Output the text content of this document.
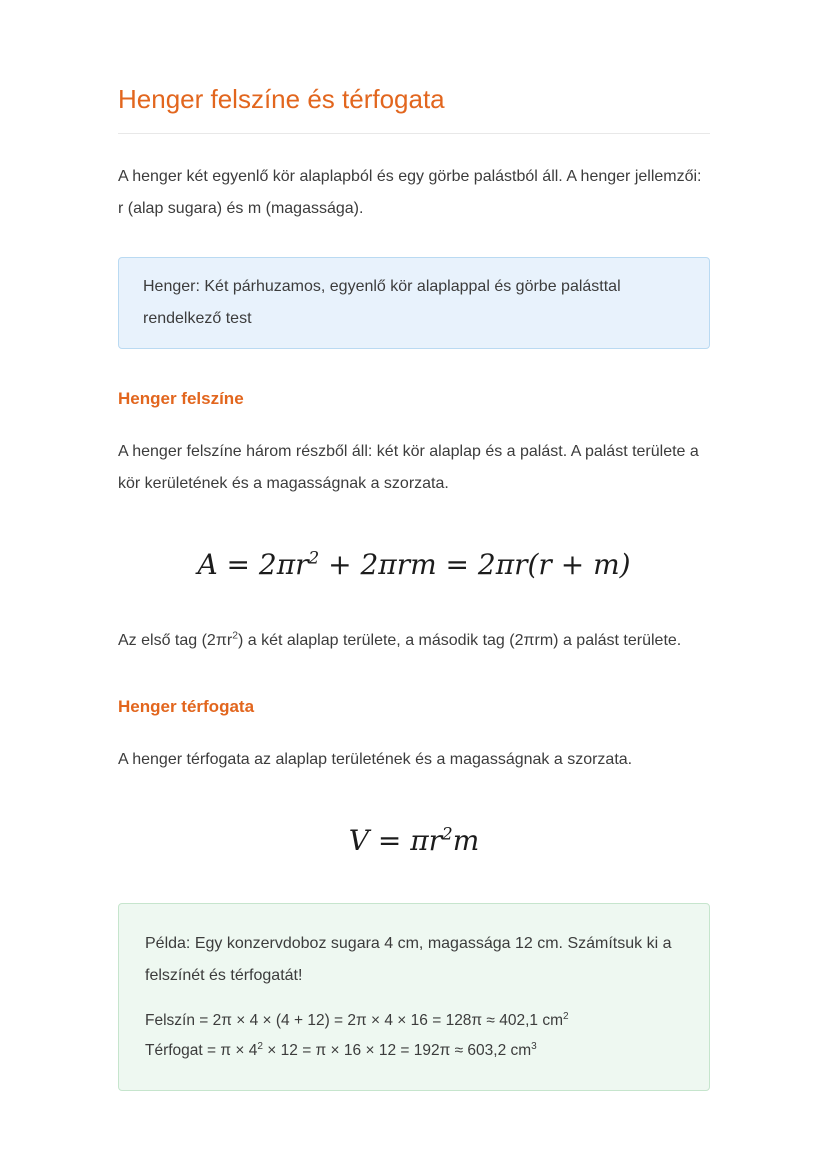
Henger felszíne és térfogata

A henger két egyenlő kör alaplapból és egy görbe palástból áll. A henger jellemzői: r (alap sugara) és m (magassága).

Henger: Két párhuzamos, egyenlő kör alaplappal és görbe palásttal rendelkező test

Henger felszíne

A henger felszíne három részből áll: két kör alaplap és a palást. A palást területe a kör kerületének és a magasságnak a szorzata.

$A = 2\pi r^2 + 2\pi rm = 2\pi r(r + m)$

Az első tag $(2\pi r^2)$ a két alaplap területe, a második tag (2πrm) a palást területe.

Henger térfogata

A henger térfogata az alaplap területének és a magasságnak a szorzata.

$V = \pi r^2m$

Példa: Egy konzervdoboz sugara 4 cm, magassága 12 cm. Számítsuk ki a felszínét és térfogatát!

Felszín = 2π × 4 × (4 + 12) = 2π × 4 × 16 = 128π ≈ 402,1 $cm^2$

Térfogat = $\pi \times 4^2 \times 12 = \pi \times 16 \times 12 = 192\pi \approx 603,2$ $cm^3$
